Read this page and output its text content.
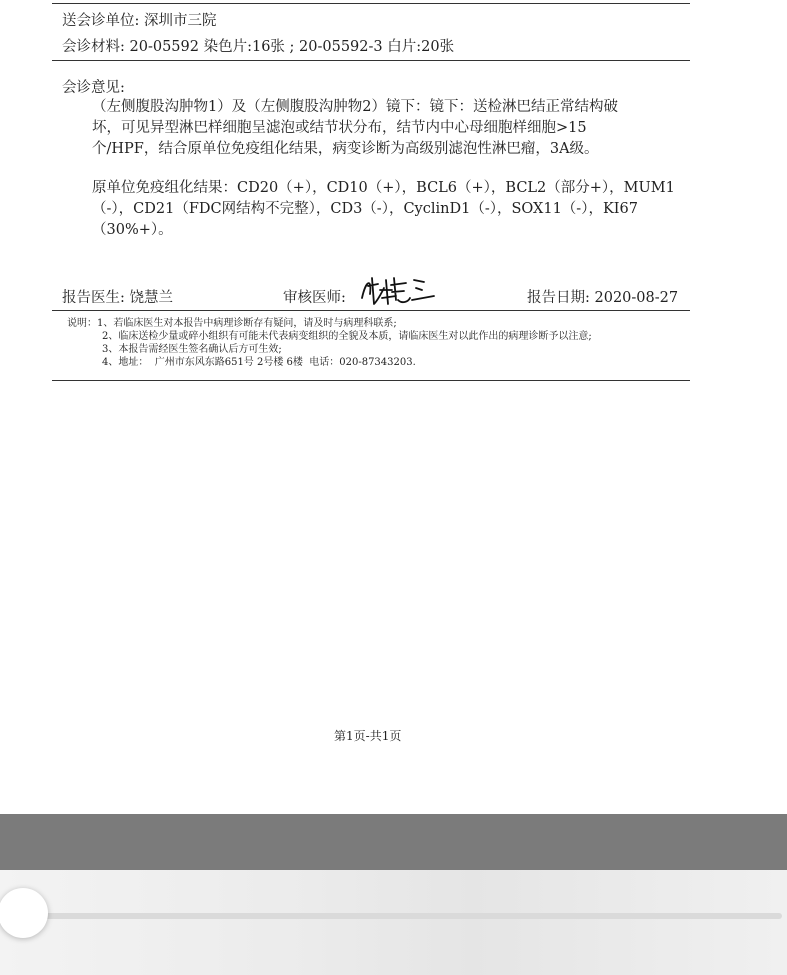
送会诊单位: 深圳市三院
会诊材料: 20-05592 染色片:16张 ; 20-05592-3 白片:20张
会诊意见:
（左侧腹股沟肿物1）及（左侧腹股沟肿物2）镜下：镜下：送检淋巴结正常结构破
坏，可见异型淋巴样细胞呈滤泡或结节状分布，结节内中心母细胞样细胞>15
个/HPF，结合原单位免疫组化结果，病变诊断为高级别滤泡性淋巴瘤，3A级。
原单位免疫组化结果：CD20（+），CD10（+），BCL6（+），BCL2（部分+），MUM1
（-），CD21（FDC网结构不完整），CD3（-），CyclinD1（-），SOX11（-），KI67
（30%+）。
报告医生: 饶慧兰	审核医师:	报告日期: 2020-08-27
说明：1、若临床医生对本报告中病理诊断存有疑问，请及时与病理科联系;
2、临床送检少量或碎小组织有可能未代表病变组织的全貌及本质，请临床医生对以此作出的病理诊断予以注意;
3、本报告需经医生签名确认后方可生效;
4、地址：  广州市东风东路651号 2号楼 6楼  电话：020-87343203.
第1页-共1页
